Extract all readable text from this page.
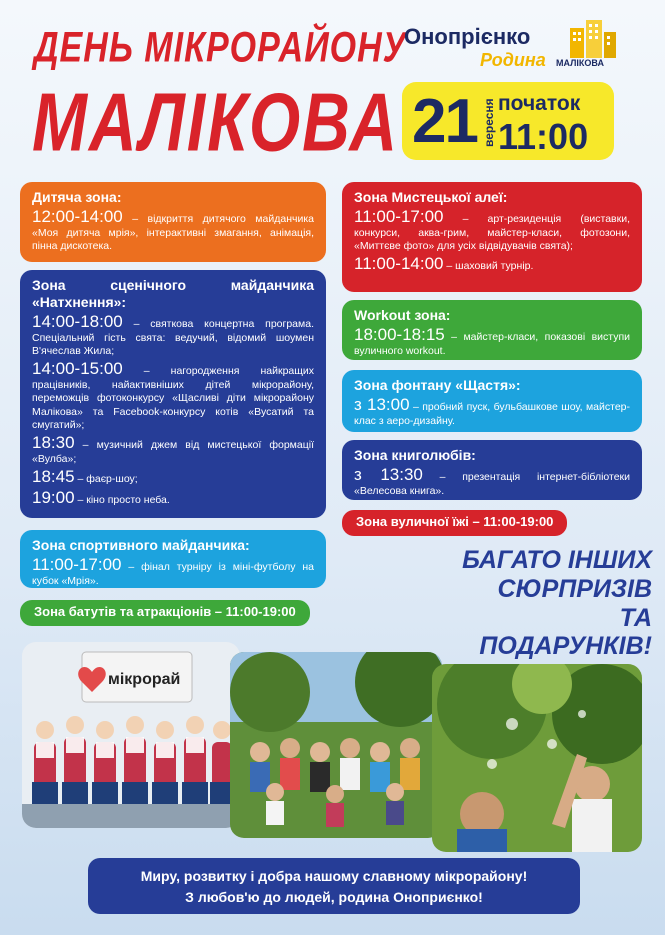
ДЕНЬ МІКРОРАЙОНУ
МАЛІКОВА
Онопрієнко
Родина МАЛІКОВА
21 вересня початок
11:00
Дитяча зона:

12:00-14:00 – відкриття дитячого майданчика «Моя дитяча мрія», інтерактивні змагання, анімація, пінна дискотека.

Зона сценічного майданчика «Натхнення»:

14:00-18:00 – святкова концертна програма. Спеціальний гість свята: ведучий, відомий шоумен В'ячеслав Жила;

14:00-15:00 – нагородження найкращих працівників, найактивніших дітей мікрорайону, переможців фотоконкурсу «Щасливі діти мікрорайону Малікова» та Facebook-конкурсу котів «Вусатий та смугатий»;

18:30 – музичний джем від мистецької формації «Вулба»;

18:45 – фаєр-шоу;

19:00 – кіно просто неба.

Зона спортивного майданчика:

11:00-17:00 – фінал турніру із міні-футболу на кубок «Мрія».

Зона батутів та атракціонів – 11:00-19:00
Зона Мистецької алеї:

11:00-17:00 – арт-резиденція (виставки, конкурси, аква-грим, майстер-класи, фотозони, «Миттєве фото» для усіх відвідувачів свята);

11:00-14:00 – шаховий турнір.

Workout зона:

18:00-18:15 – майстер-класи, показові виступи вуличного workout.

Зона фонтану «Щастя»:

з 13:00 – пробний пуск, бульбашкове шоу, майстер-клас з аеро-дизайну.

Зона книголюбів:

з 13:30 – презентація інтернет-бібліотеки «Велесова книга».

Зона вуличної їжі – 11:00-19:00
БАГАТО ІНШИХ
СЮРПРИЗІВ
ТА ПОДАРУНКІВ!
мікрорай
Миру, розвитку і добра нашому славному мікрорайону!
З любов'ю до людей, родина Оноприєнко!
